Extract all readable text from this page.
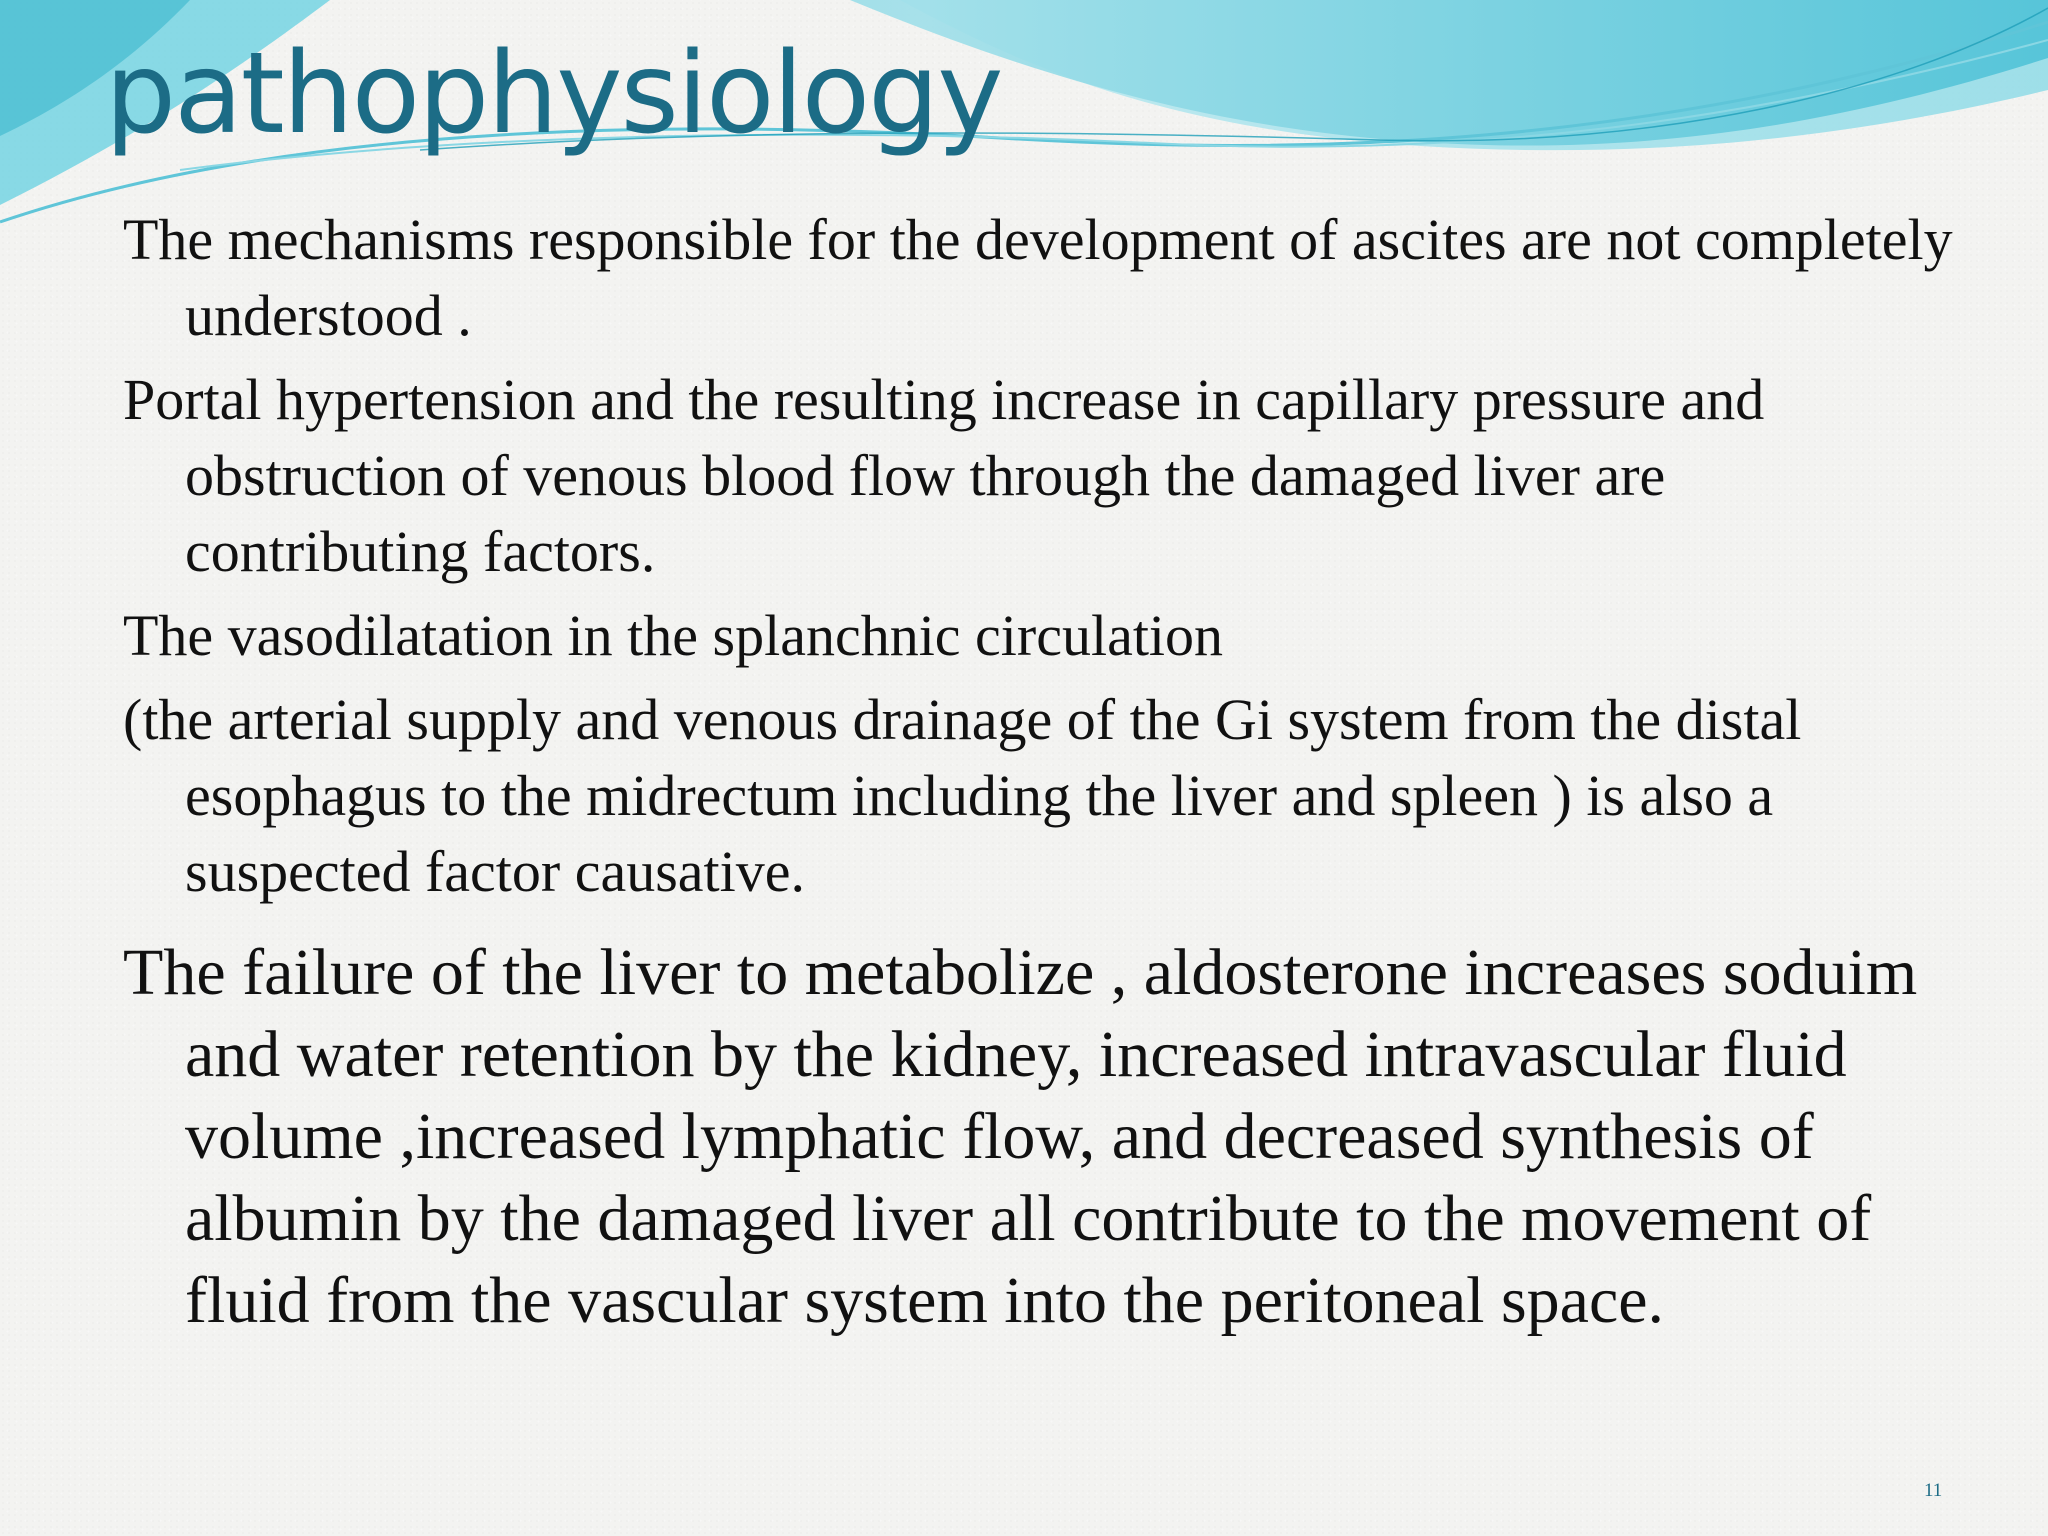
pathophysiology

The mechanisms responsible for the development of ascites are not completely understood .

Portal hypertension and the resulting increase in capillary pressure and obstruction of venous blood flow through the damaged liver are contributing factors.

The vasodilatation in the splanchnic circulation

(the arterial supply and venous drainage of the Gi system from the distal esophagus to the midrectum including the liver and spleen ) is also a suspected factor causative.

The failure of the liver to metabolize , aldosterone increases soduim and water retention by the kidney, increased intravascular fluid volume ,increased lymphatic flow, and decreased synthesis of albumin by the damaged liver all contribute to the movement of fluid from the vascular system into the peritoneal space.

11
